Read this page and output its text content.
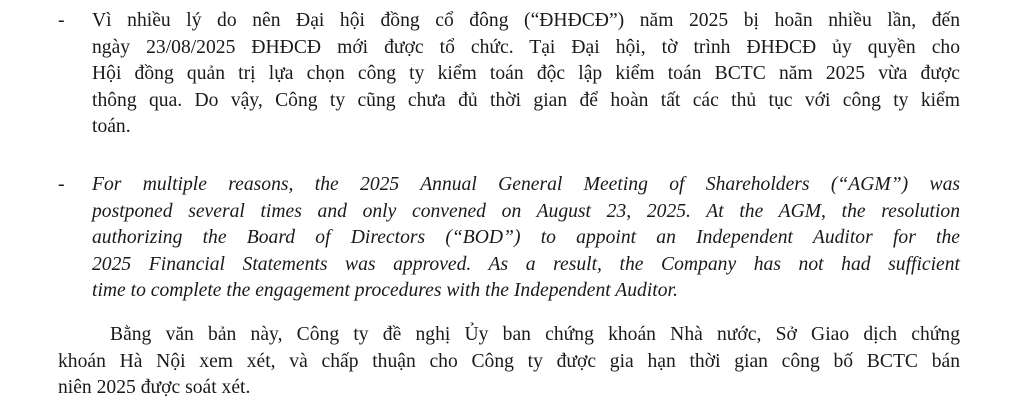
-	Vì nhiều lý do nên Đại hội đồng cổ đông (“ĐHĐCĐ”) năm 2025 bị hoãn nhiều lần, đến
ngày 23/08/2025 ĐHĐCĐ mới được tổ chức. Tại Đại hội, tờ trình ĐHĐCĐ ủy quyền cho
Hội đồng quản trị lựa chọn công ty kiểm toán độc lập kiểm toán BCTC năm 2025 vừa được
thông qua. Do vậy, Công ty cũng chưa đủ thời gian để hoàn tất các thủ tục với công ty kiểm
toán.
-	For multiple reasons, the 2025 Annual General Meeting of Shareholders (“AGM”) was
postponed several times and only convened on August 23, 2025. At the AGM, the resolution
authorizing the Board of Directors (“BOD”) to appoint an Independent Auditor for the
2025 Financial Statements was approved. As a result, the Company has not had sufficient
time to complete the engagement procedures with the Independent Auditor.
Bằng văn bản này, Công ty đề nghị Ủy ban chứng khoán Nhà nước, Sở Giao dịch chứng
khoán Hà Nội xem xét, và chấp thuận cho Công ty được gia hạn thời gian công bố BCTC bán
niên 2025 được soát xét.
